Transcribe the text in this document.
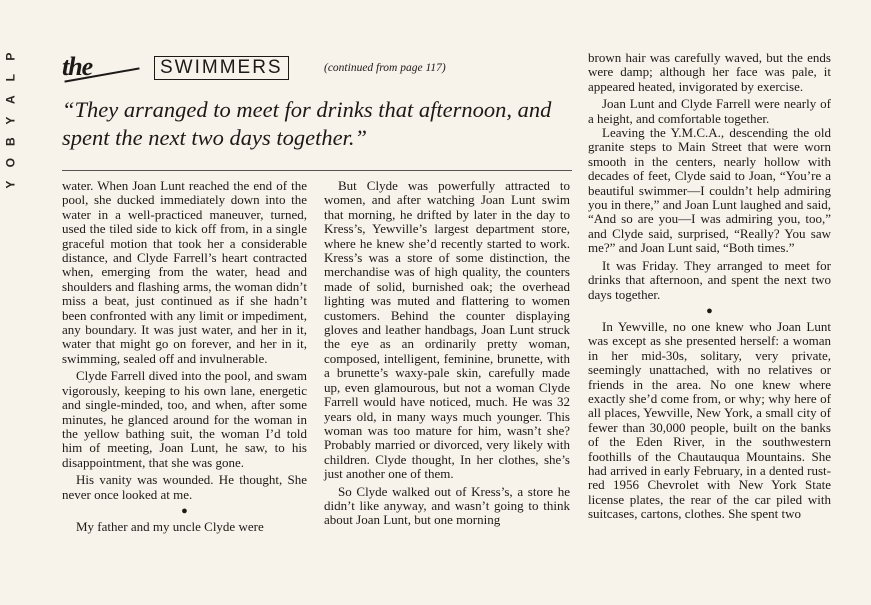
P
L
A
Y
B
O
Y
the	SWIMMERS	(continued from page 117)
“They arranged to meet for drinks that afternoon, and spent the next two days together.”

water. When Joan Lunt reached the end of the pool, she ducked immediately down into the water in a well-practiced maneuver, turned, used the tiled side to kick off from, in a single graceful motion that took her a considerable distance, and Clyde Farrell’s heart contracted when, emerging from the water, head and shoulders and flashing arms, the woman didn’t miss a beat, just continued as if she hadn’t been confronted with any limit or impediment, any boundary. It was just water, and her in it, water that might go on forever, and her in it, swimming, sealed off and invulnerable.

Clyde Farrell dived into the pool, and swam vigorously, keeping to his own lane, energetic and single-minded, too, and when, after some minutes, he glanced around for the woman in the yellow bathing suit, the woman I’d told him of meeting, Joan Lunt, he saw, to his disappointment, that she was gone.

His vanity was wounded. He thought, She never once looked at me.

●

My father and my uncle Clyde were

But Clyde was powerfully attracted to women, and after watching Joan Lunt swim that morning, he drifted by later in the day to Kress’s, Yewville’s largest department store, where he knew she’d recently started to work. Kress’s was a store of some distinction, the merchandise was of high quality, the counters made of solid, burnished oak; the overhead lighting was muted and flattering to women customers. Behind the counter displaying gloves and leather handbags, Joan Lunt struck the eye as an ordinarily pretty woman, composed, intelligent, feminine, brunette, with a brunette’s waxy-pale skin, carefully made up, even glamourous, but not a woman Clyde Farrell would have noticed, much. He was 32 years old, in many ways much younger. This woman was too mature for him, wasn’t she? Probably married or divorced, very likely with children. Clyde thought, In her clothes, she’s just another one of them.

So Clyde walked out of Kress’s, a store he didn’t like anyway, and wasn’t going to think about Joan Lunt, but one morning

brown hair was carefully waved, but the ends were damp; although her face was pale, it appeared heated, invigorated by exercise.

Joan Lunt and Clyde Farrell were nearly of a height, and comfortable together.

Leaving the Y.M.C.A., descending the old granite steps to Main Street that were worn smooth in the centers, nearly hollow with decades of feet, Clyde said to Joan, “You’re a beautiful swimmer—I couldn’t help admiring you in there,” and Joan Lunt laughed and said, “And so are you—I was admiring you, too,” and Clyde said, surprised, “Really? You saw me?” and Joan Lunt said, “Both times.”

It was Friday. They arranged to meet for drinks that afternoon, and spent the next two days together.

●

In Yewville, no one knew who Joan Lunt was except as she presented herself: a woman in her mid-30s, solitary, very private, seemingly unattached, with no relatives or friends in the area. No one knew where exactly she’d come from, or why; why here of all places, Yewville, New York, a small city of fewer than 30,000 people, built on the banks of the Eden River, in the southwestern foothills of the Chautauqua Mountains. She had arrived in early February, in a dented rust-red 1956 Chevrolet with New York State license plates, the rear of the car piled with suitcases, cartons, clothes. She spent two
